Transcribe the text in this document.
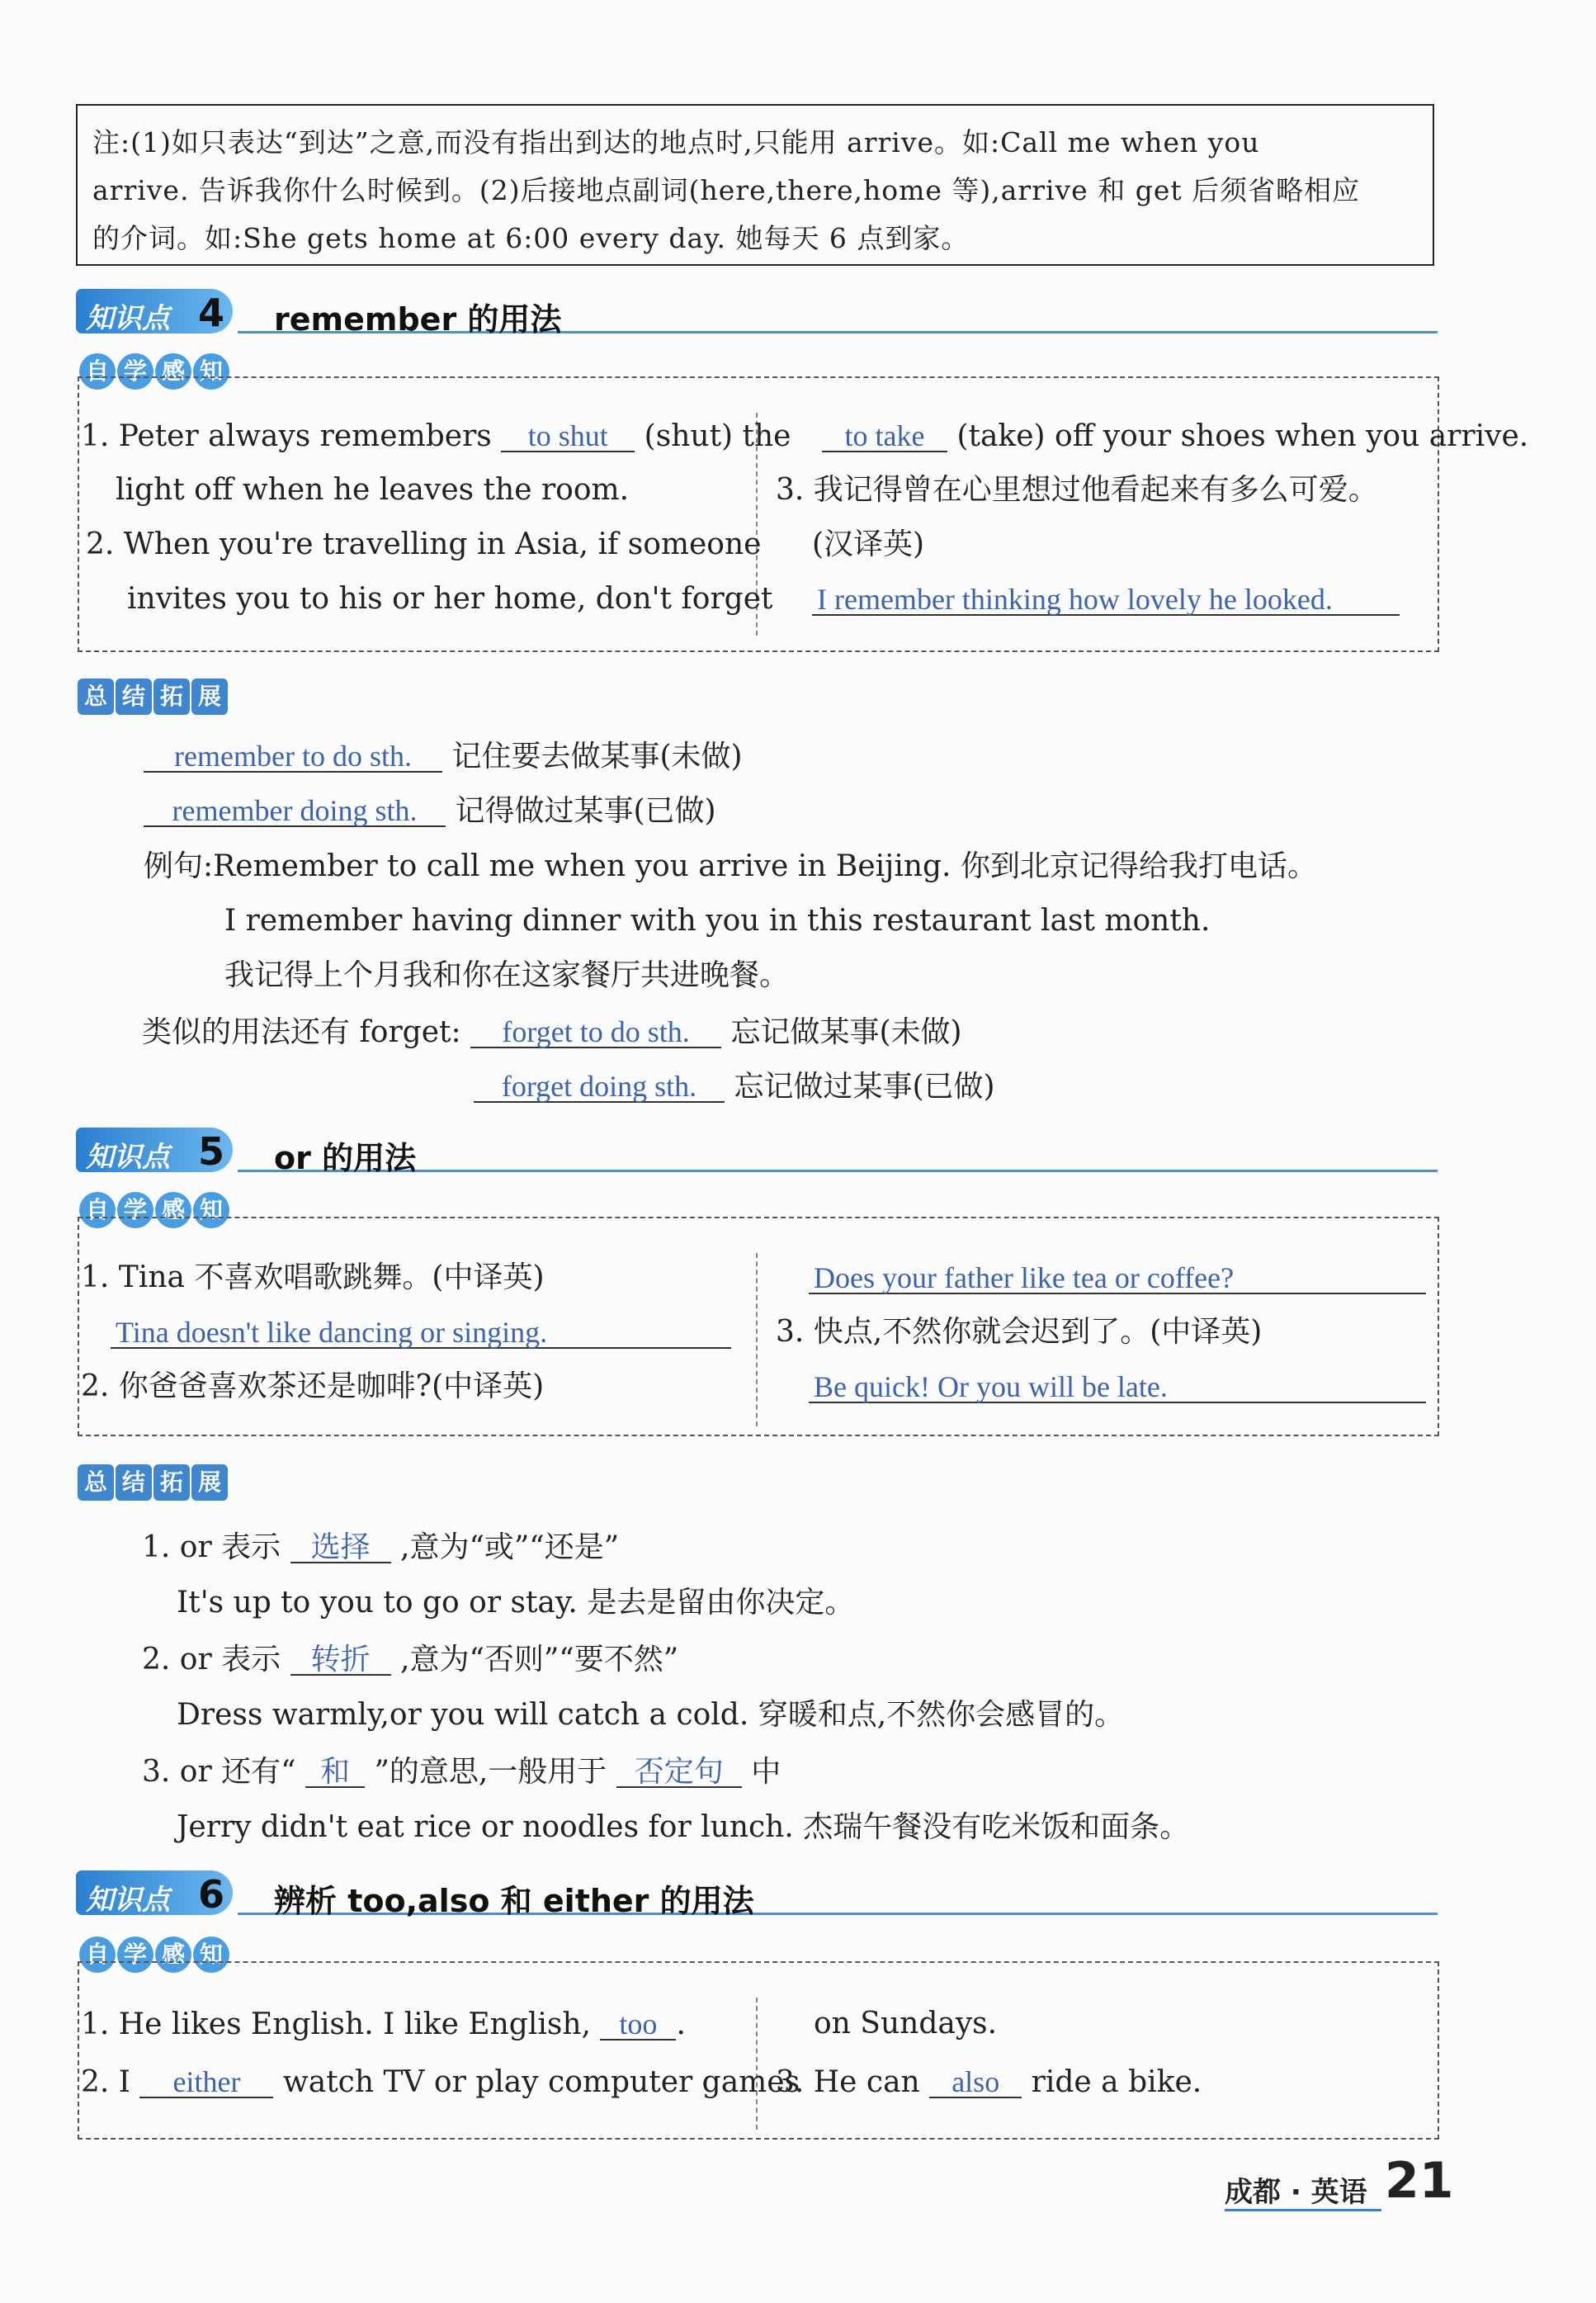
注:(1)如只表达“到达”之意,而没有指出到达的地点时,只能用 arrive。如:Call me when you
arrive. 告诉我你什么时候到。(2)后接地点副词(here,there,home 等),arrive 和 get 后须省略相应
的介词。如:She gets home at 6:00 every day. 她每天 6 点到家。
知识点 4 remember 的用法
自 学 感 知
1. Peter always remembers to shut (shut) the
light off when he leaves the room.
2. When you're travelling in Asia, if someone
invites you to his or her home, don't forget
to take (take) off your shoes when you arrive.
3. 我记得曾在心里想过他看起来有多么可爱。
(汉译英)
I remember thinking how lovely he looked.
总 结 拓 展
remember to do sth. 记住要去做某事(未做)
remember doing sth. 记得做过某事(已做)
例句:Remember to call me when you arrive in Beijing. 你到北京记得给我打电话。
I remember having dinner with you in this restaurant last month.
我记得上个月我和你在这家餐厅共进晚餐。
类似的用法还有 forget: forget to do sth. 忘记做某事(未做)
forget doing sth. 忘记做过某事(已做)
知识点 5 or 的用法
自 学 感 知
1. Tina 不喜欢唱歌跳舞。(中译英)
Tina doesn't like dancing or singing.
2. 你爸爸喜欢茶还是咖啡?(中译英)
Does your father like tea or coffee?
3. 快点,不然你就会迟到了。(中译英)
Be quick! Or you will be late.
总 结 拓 展
1. or 表示 选择 ,意为“或”“还是”
It's up to you to go or stay. 是去是留由你决定。
2. or 表示 转折 ,意为“否则”“要不然”
Dress warmly,or you will catch a cold. 穿暖和点,不然你会感冒的。
3. or 还有“ 和 ”的意思,一般用于 否定句 中
Jerry didn't eat rice or noodles for lunch. 杰瑞午餐没有吃米饭和面条。
知识点 6 辨析 too,also 和 either 的用法
自 学 感 知
1. He likes English. I like English, too .
2. I either watch TV or play computer games
on Sundays.
3. He can also ride a bike.
成都 · 英语 21
